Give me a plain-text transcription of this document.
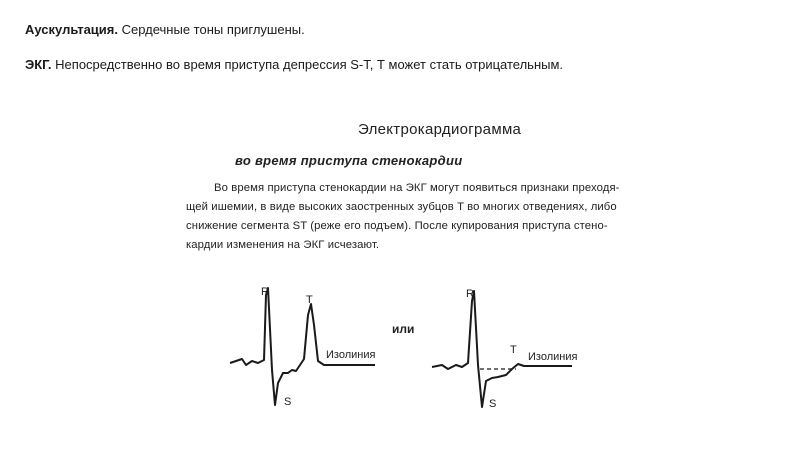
Аускультация. Сердечные тоны приглушены.
ЭКГ. Непосредственно во время приступа депрессия S-T, Т может стать отрицательным.
Электрокардиограмма
во время приступа стенокардии

Во время приступа стенокардии на ЭКГ могут появиться признаки преходя-

щей ишемии, в виде высоких заостренных зубцов T во многих отведениях, либо

снижение сегмента ST (реже его подъем). После купирования приступа стено-

кардии изменения на ЭКГ исчезают.

R
T
S
Изолиния
или
R
T
S
Изолиния
